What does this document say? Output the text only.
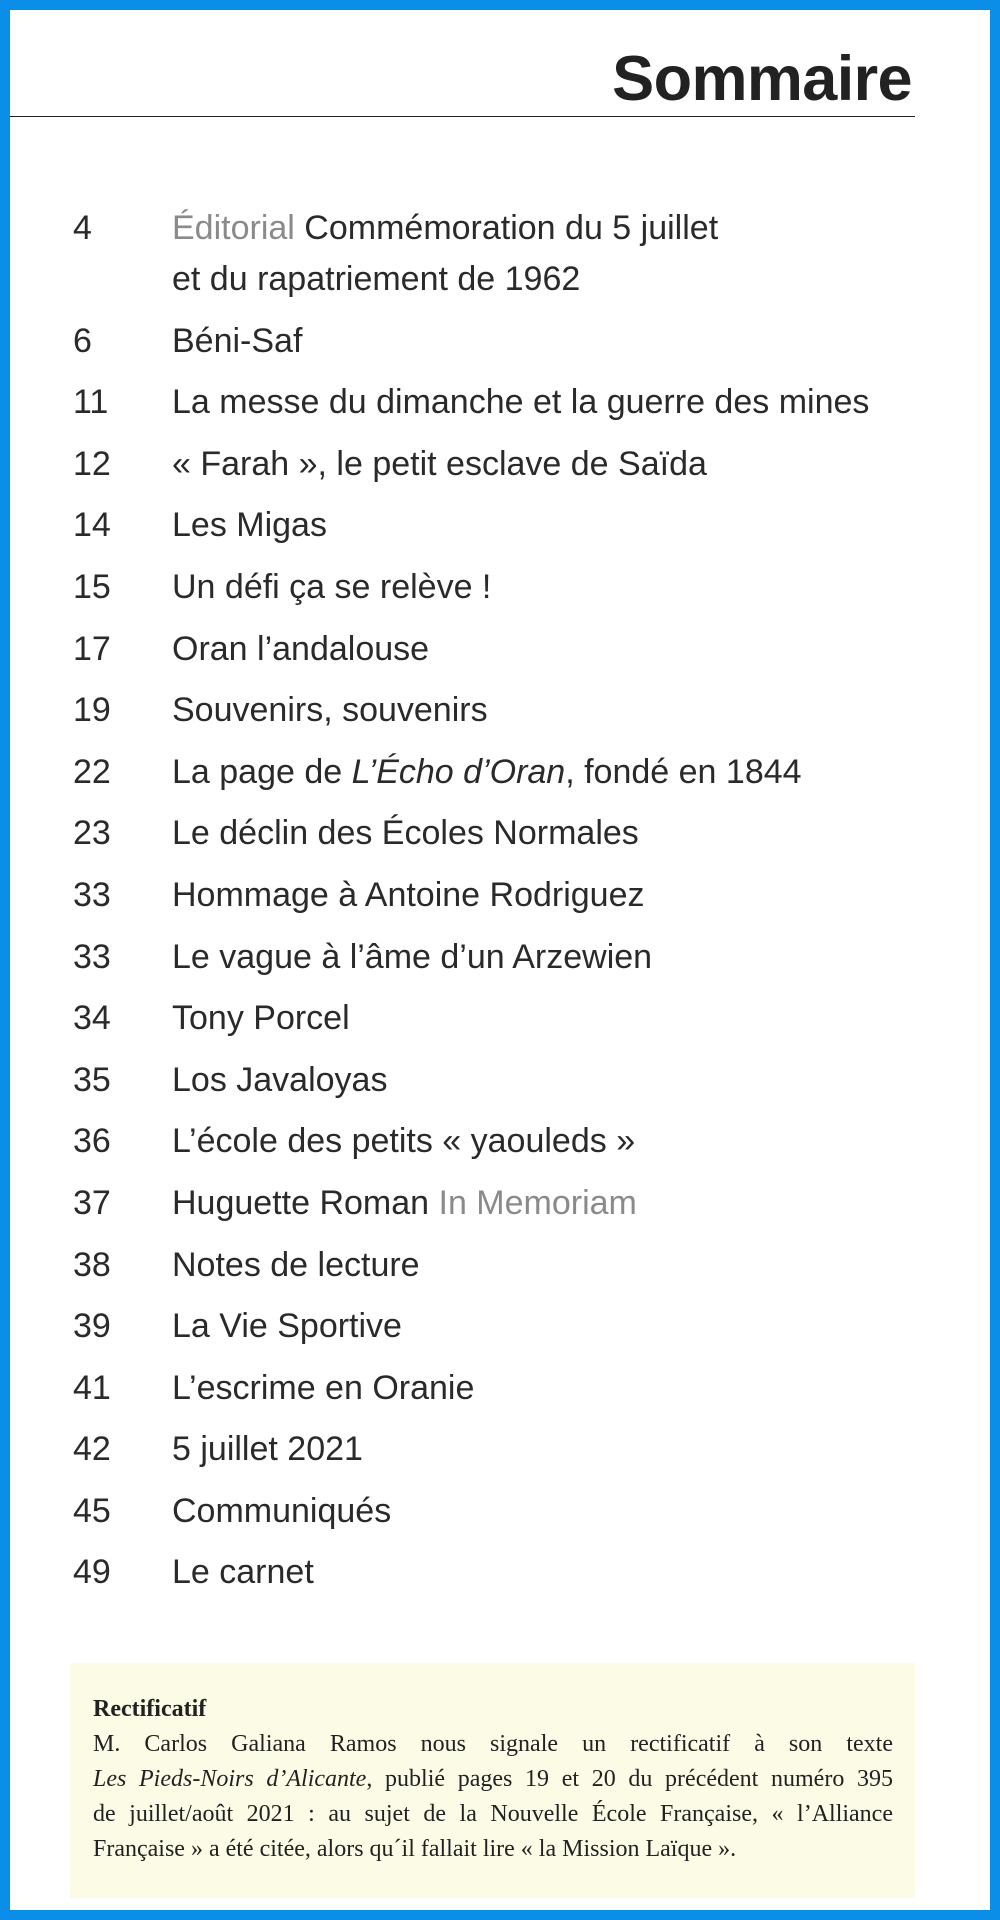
Sommaire
4	Éditorial Commémoration du 5 juillet
et du rapatriement de 1962
6	Béni-Saf
11	La messe du dimanche et la guerre des mines
12	« Farah », le petit esclave de Saïda
14	Les Migas
15	Un défi ça se relève !
17	Oran l’andalouse
19	Souvenirs, souvenirs
22	La page de L’Écho d’Oran, fondé en 1844
23	Le déclin des Écoles Normales
33	Hommage à Antoine Rodriguez
33	Le vague à l’âme d’un Arzewien
34	Tony Porcel
35	Los Javaloyas
36	L’école des petits « yaouleds »
37	Huguette Roman In Memoriam
38	Notes de lecture
39	La Vie Sportive
41	L’escrime en Oranie
42	5 juillet 2021
45	Communiqués
49	Le carnet
Rectificatif
M. Carlos Galiana Ramos nous signale un rectificatif à son texte
Les Pieds-Noirs d’Alicante, publié pages 19 et 20 du précédent numéro 395
de juillet/août 2021 : au sujet de la Nouvelle École Française, « l’Alliance
Française » a été citée, alors qu´il fallait lire « la Mission Laïque ».
